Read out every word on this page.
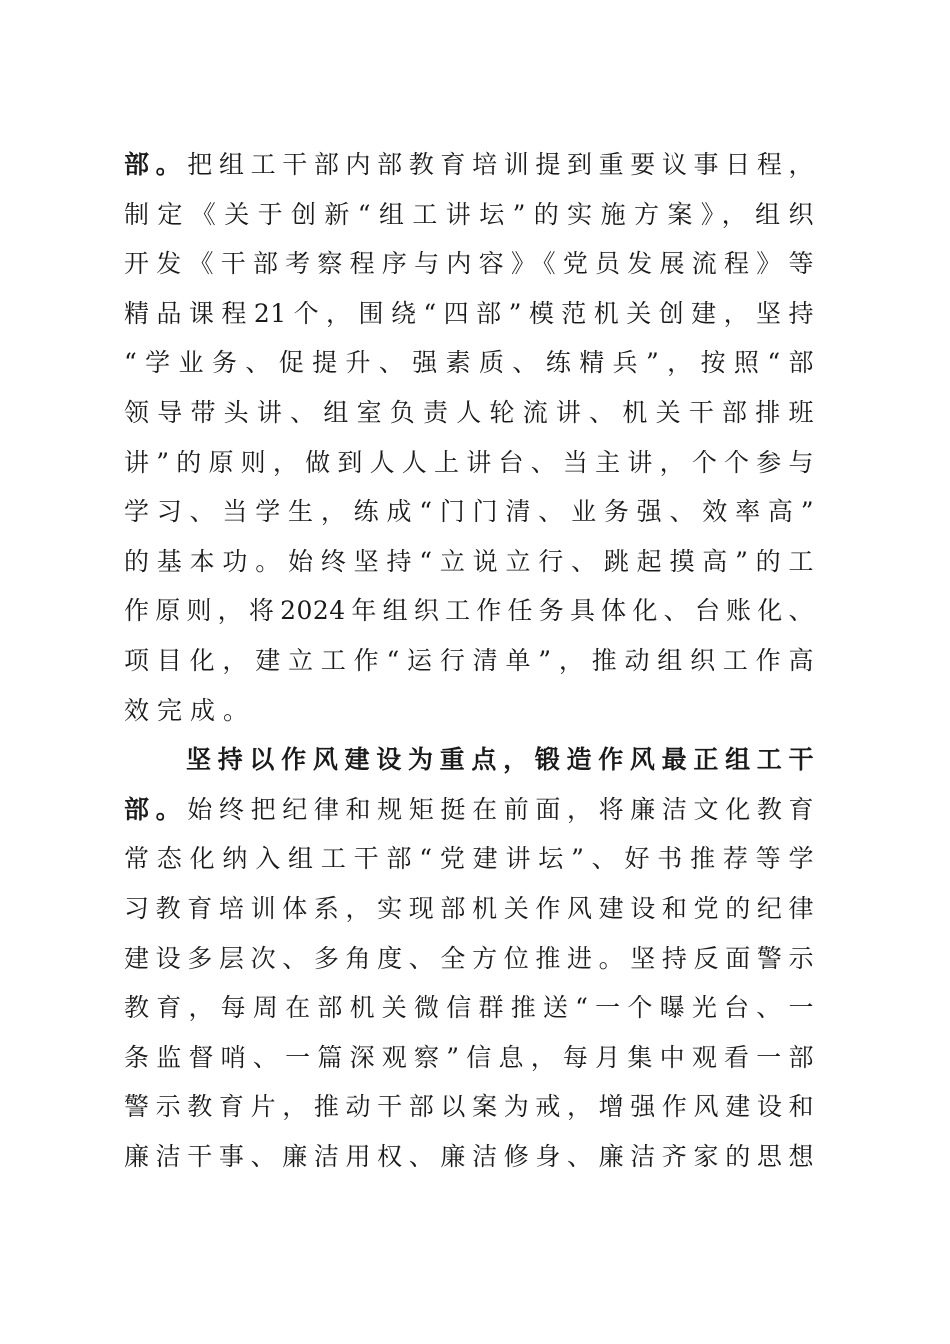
部。把组工干部内部教育培训提到重要议事日程，
制定《关于创新“组工讲坛”的实施方案》，组织
开发《干部考察程序与内容》《党员发展流程》等
精品课程21个，围绕“四部”模范机关创建，坚持
“学业务、促提升、强素质、练精兵”，按照“部
领导带头讲、组室负责人轮流讲、机关干部排班
讲”的原则，做到人人上讲台、当主讲，个个参与
学习、当学生，练成“门门清、业务强、效率高”
的基本功。始终坚持“立说立行、跳起摸高”的工
作原则，将2024年组织工作任务具体化、台账化、
项目化，建立工作“运行清单”，推动组织工作高
效完成。
坚持以作风建设为重点，锻造作风最正组工干
部。始终把纪律和规矩挺在前面，将廉洁文化教育
常态化纳入组工干部“党建讲坛”、好书推荐等学
习教育培训体系，实现部机关作风建设和党的纪律
建设多层次、多角度、全方位推进。坚持反面警示
教育，每周在部机关微信群推送“一个曝光台、一
条监督哨、一篇深观察”信息，每月集中观看一部
警示教育片，推动干部以案为戒，增强作风建设和
廉洁干事、廉洁用权、廉洁修身、廉洁齐家的思想
